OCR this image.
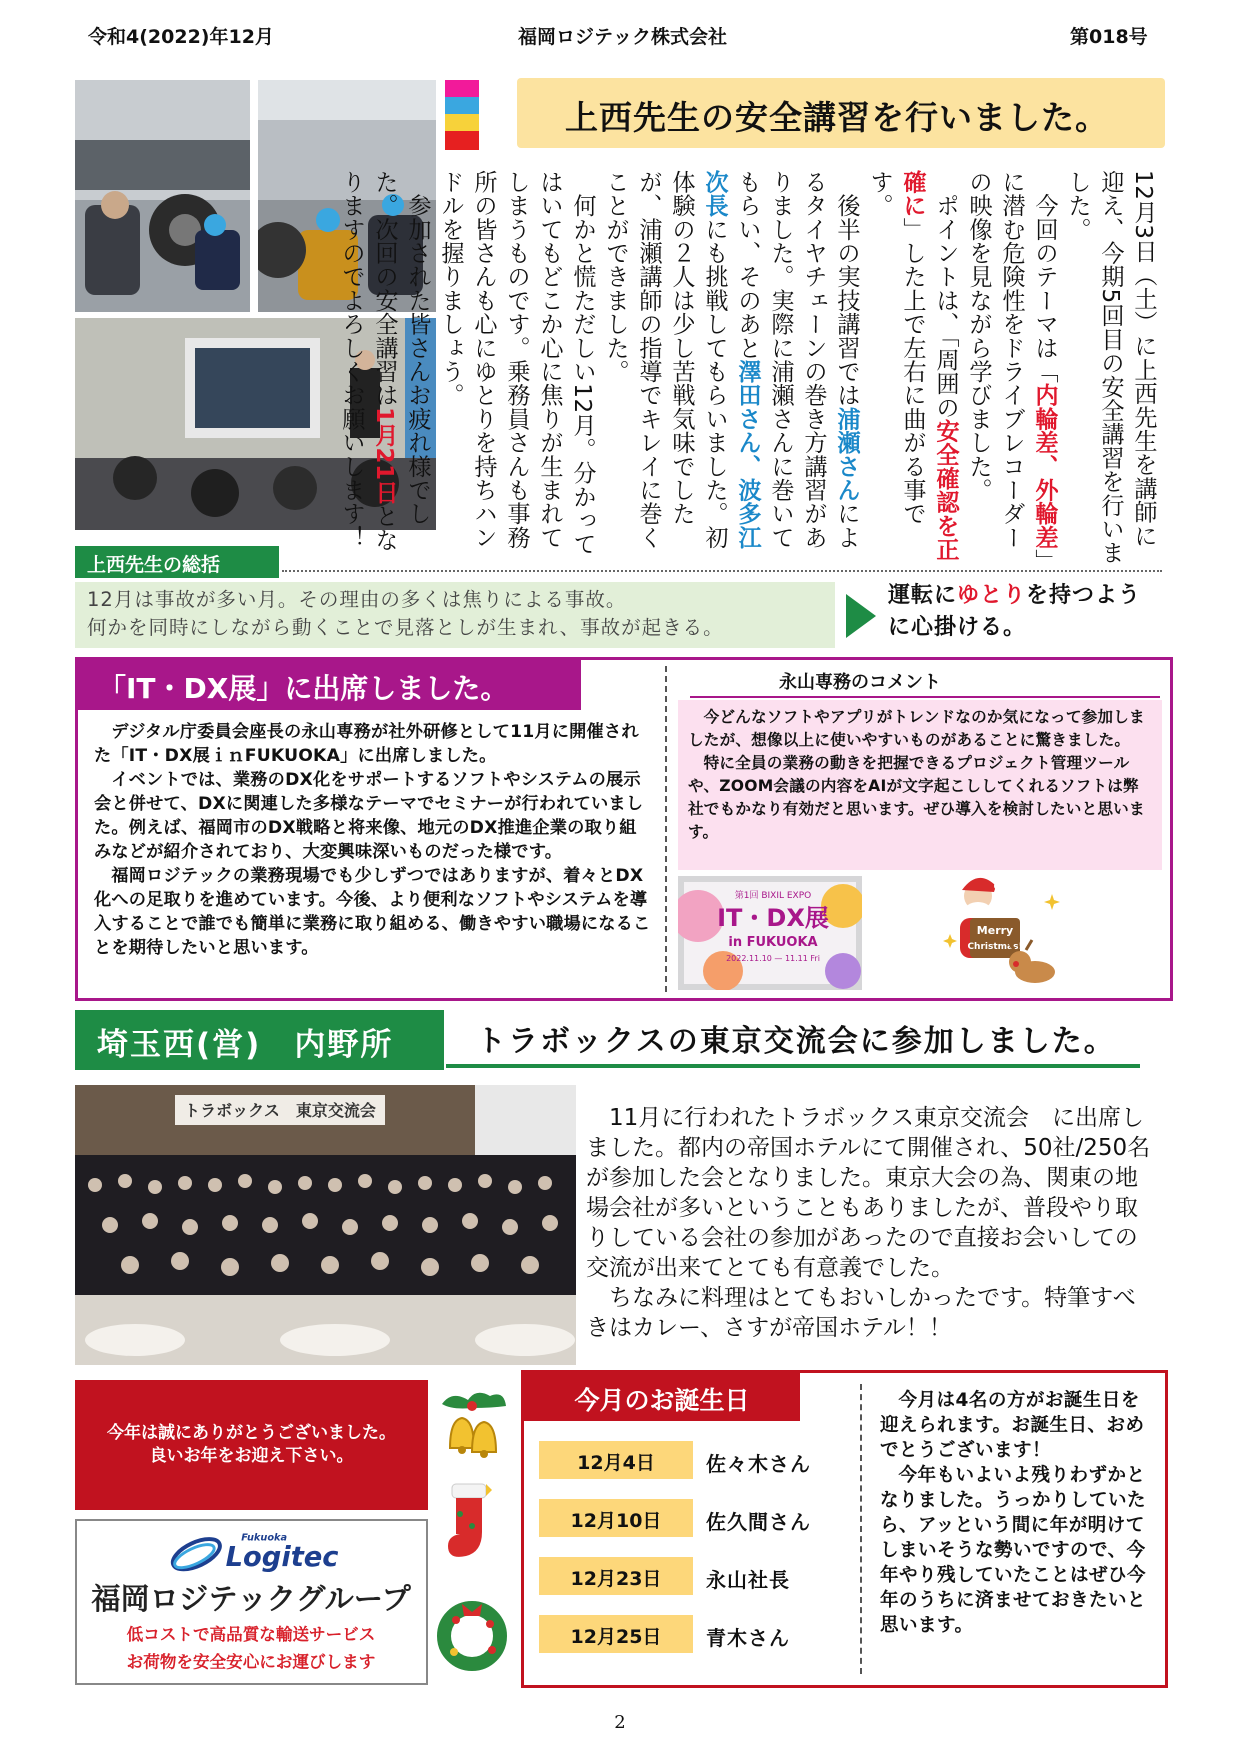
令和4(2022)年12月	福岡ロジテック株式会社	第018号
上西先生の安全講習を行いました。

12月3日（土）に上西先生を講師に迎え、今期5回目の安全講習を行いました。

　今回のテーマは「内輪差、外輪差」に潜む危険性をドライブレコーダーの映像を見ながら学びました。

　ポイントは、「周囲の安全確認を正確に」した上で左右に曲がる事です。

　後半の実技講習では浦瀬さんによるタイヤチェーンの巻き方講習がありました。実際に浦瀬さんに巻いてもらい、そのあと澤田さん、波多江次長にも挑戦してもらいました。初体験の２人は少し苦戦気味でしたが、浦瀬講師の指導でキレイに巻くことができました。

　何かと慌ただしい12月。分かってはいてもどこか心に焦りが生まれてしまうものです。乗務員さんも事務所の皆さんも心にゆとりを持ちハンドルを握りましょう。

　参加された皆さんお疲れ様でした。次回の安全講習は1月21日となりますのでよろしくお願いします！

上西先生の総括
12月は事故が多い月。その理由の多くは焦りによる事故。
何かを同時にしながら動くことで見落としが生まれ、事故が起きる。
運転にゆとりを持つよう
に心掛ける。
「IT・DX展」に出席しました。

デジタル庁委員会座長の永山専務が社外研修として11月に開催された「IT・DX展ｉｎFUKUOKA」に出席しました。

イベントでは、業務のDX化をサポートするソフトやシステムの展示会と併せて、DXに関連した多様なテーマでセミナーが行われていました。例えば、福岡市のDX戦略と将来像、地元のDX推進企業の取り組みなどが紹介されており、大変興味深いものだった様です。

福岡ロジテックの業務現場でも少しずつではありますが、着々とDX化への足取りを進めています。今後、より便利なソフトやシステムを導入することで誰でも簡単に業務に取り組める、働きやすい職場になることを期待したいと思います。

永山専務のコメント

今どんなソフトやアプリがトレンドなのか気になって参加しましたが、想像以上に使いやすいものがあることに驚きました。

特に全員の業務の動きを把握できるプロジェクト管理ツールや、ZOOM会議の内容をAIが文字起こししてくれるソフトは弊社でもかなり有効だと思います。ぜひ導入を検討したいと思います。

第1回 BIXIL EXPO
IT・DX展
in FUKUOKA
2022.11.10 — 11.11 Fri
Merry
Christmas!
埼玉西(営)　内野所	トラボックスの東京交流会に参加しました。
トラボックス　東京交流会	11月に行われたトラボックス東京交流会　に出席しました。都内の帝国ホテルにて開催され、50社/250名が参加した会となりました。東京大会の為、関東の地場会社が多いということもありましたが、普段やり取りしている会社の参加があったので直接お会いしての交流が出来てとても有意義でした。

ちなみに料理はとてもおいしかったです。特筆すべきはカレー、さすが帝国ホテル！！

今年は誠にありがとうございました。
良いお年をお迎え下さい。
Fukuoka
Logitec
福岡ロジテックグループ
低コストで高品質な輸送サービス
お荷物を安全安心にお運びします
今月のお誕生日
12月4日	佐々木さん
12月10日	佐久間さん
12月23日	永山社長
12月25日	青木さん

今月は4名の方がお誕生日を迎えられます。お誕生日、おめでとうございます！

今年もいよいよ残りわずかとなりました。うっかりしていたら、アッという間に年が明けてしまいそうな勢いですので、今年やり残していたことはぜひ今年のうちに済ませておきたいと思います。

2
